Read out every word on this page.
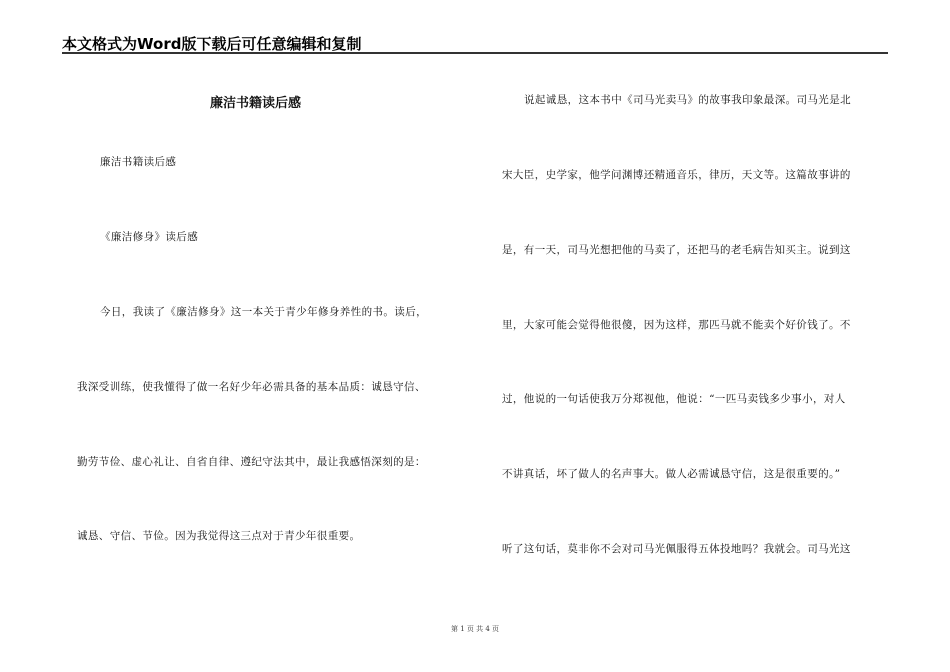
本文格式为Word版下载后可任意编辑和复制
廉洁书籍读后感
廉洁书籍读后感
《廉洁修身》读后感
今日，我读了《廉洁修身》这一本关于青少年修身养性的书。读后，
我深受训练，使我懂得了做一名好少年必需具备的基本品质：诚恳守信、
勤劳节俭、虚心礼让、自省自律、遵纪守法其中，最让我感悟深刻的是：
诚恳、守信、节俭。因为我觉得这三点对于青少年很重要。
说起诚恳，这本书中《司马光卖马》的故事我印象最深。司马光是北
宋大臣，史学家，他学问渊博还精通音乐，律历，天文等。这篇故事讲的
是，有一天，司马光想把他的马卖了，还把马的老毛病告知买主。说到这
里，大家可能会觉得他很傻，因为这样，那匹马就不能卖个好价钱了。不
过，他说的一句话使我万分郑视他，他说：“一匹马卖钱多少事小，对人
不讲真话，坏了做人的名声事大。做人必需诚恳守信，这是很重要的。”
听了这句话，莫非你不会对司马光佩服得五体投地吗？我就会。司马光这
第 1 页 共 4 页
